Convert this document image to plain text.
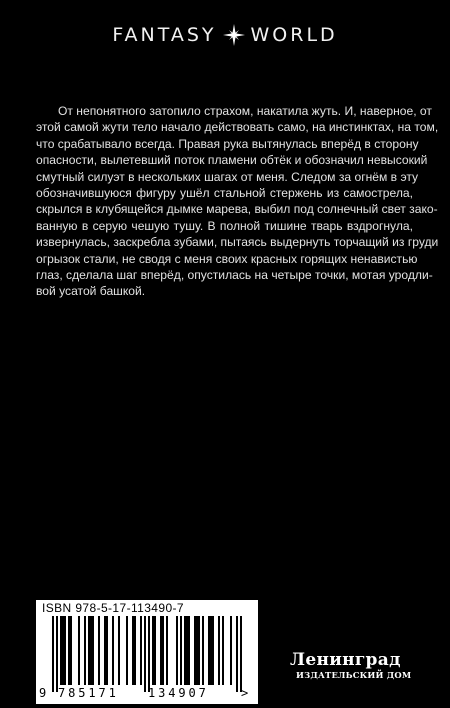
FANTASY WORLD
От непонятного затопило страхом, накатила жуть. И, наверное, от
этой самой жути тело начало действовать само, на инстинктах, на том,
что срабатывало всегда. Правая рука вытянулась вперёд в сторону
опасности, вылетевший поток пламени обтёк и обозначил невысокий
смутный силуэт в нескольких шагах от меня. Следом за огнём в эту
обозначившуюся фигуру ушёл стальной стержень из самострела,
скрылся в клубящейся дымке марева, выбил под солнечный свет зако-
ванную в серую чешую тушу. В полной тишине тварь вздрогнула,
извернулась, заскребла зубами, пытаясь выдернуть торчащий из груди
огрызок стали, не сводя с меня своих красных горящих ненавистью
глаз, сделала шаг вперёд, опустилась на четыре точки, мотая уродли-
вой усатой башкой.
ISBN 978-5-17-113490-7
9 785171 134907	>
Ленинград
ИЗДАТЕЛЬСКИЙ ДОМ
